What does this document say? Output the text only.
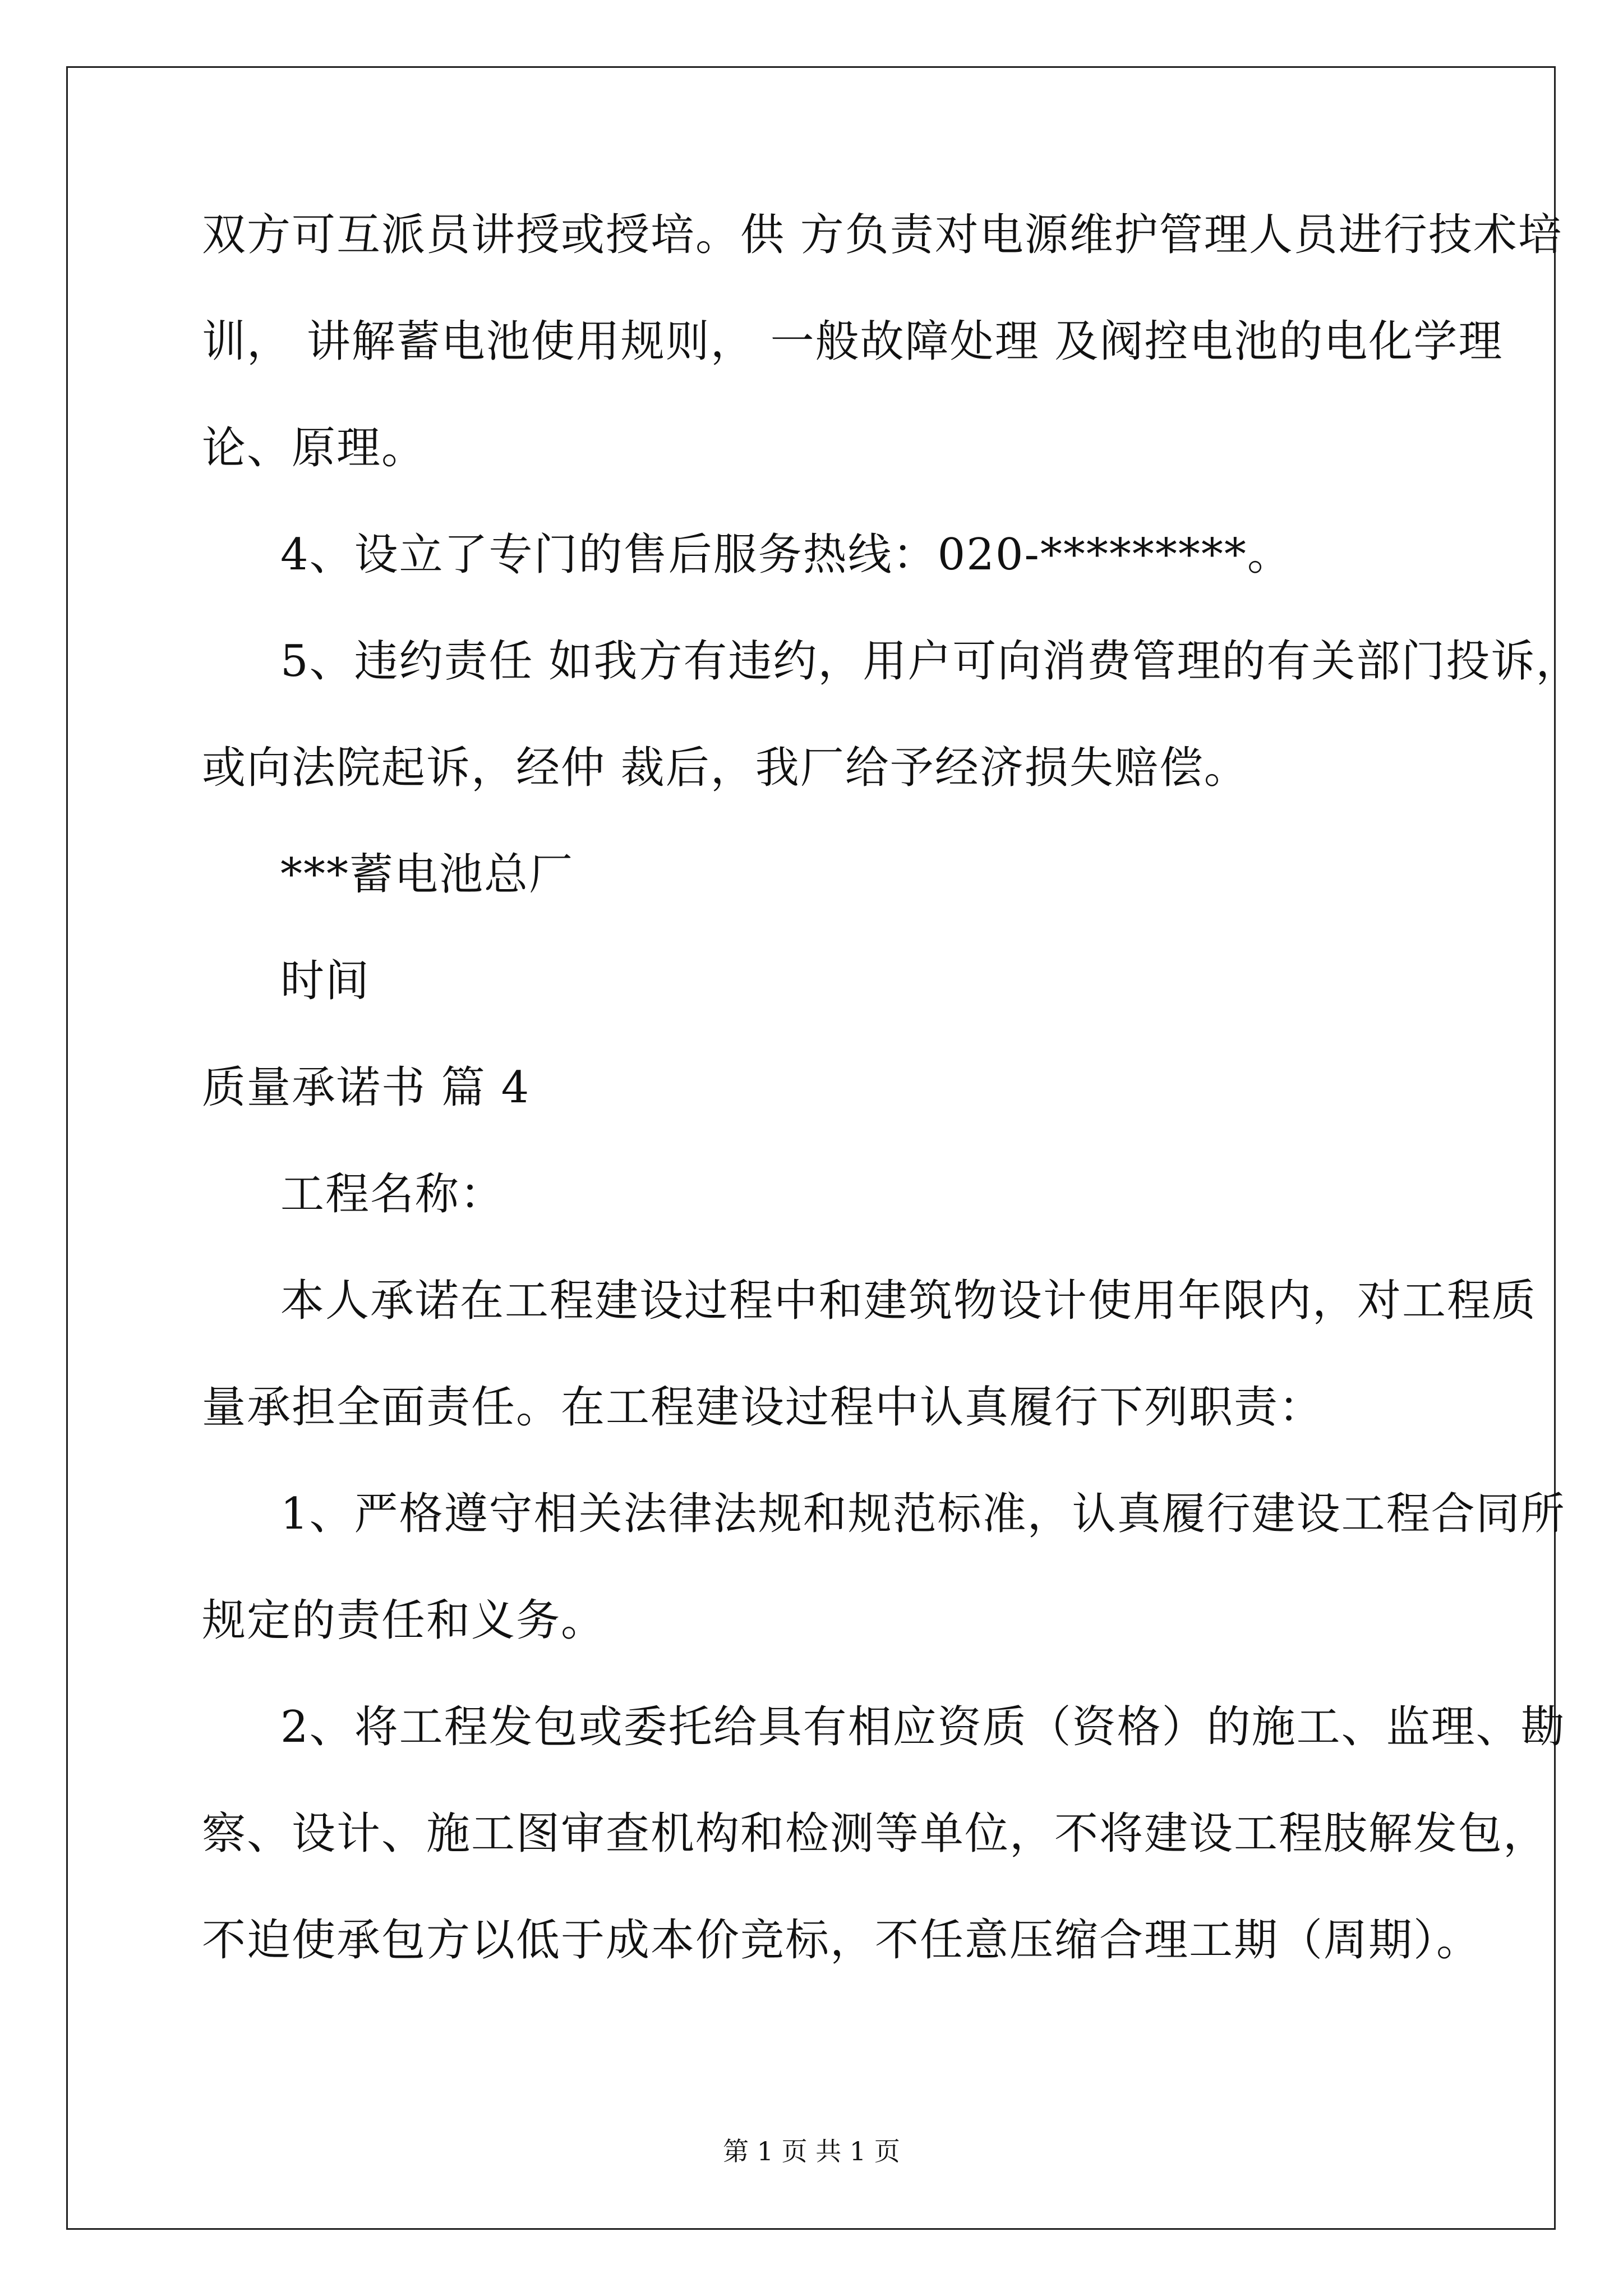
双方可互派员讲授或授培。供 方负责对电源维护管理人员进行技术培
训， 讲解蓄电池使用规则， 一般故障处理 及阀控电池的电化学理
论、原理。
4、设立了专门的售后服务热线：020-*********。
5、违约责任 如我方有违约，用户可向消费管理的有关部门投诉，
或向法院起诉，经仲 裁后，我厂给予经济损失赔偿。
***蓄电池总厂
时间
质量承诺书 篇 4
工程名称：
本人承诺在工程建设过程中和建筑物设计使用年限内，对工程质
量承担全面责任。在工程建设过程中认真履行下列职责：
1、严格遵守相关法律法规和规范标准，认真履行建设工程合同所
规定的责任和义务。
2、将工程发包或委托给具有相应资质（资格）的施工、监理、勘
察、设计、施工图审查机构和检测等单位，不将建设工程肢解发包，
不迫使承包方以低于成本价竞标，不任意压缩合理工期（周期）。
第 1 页 共 1 页
